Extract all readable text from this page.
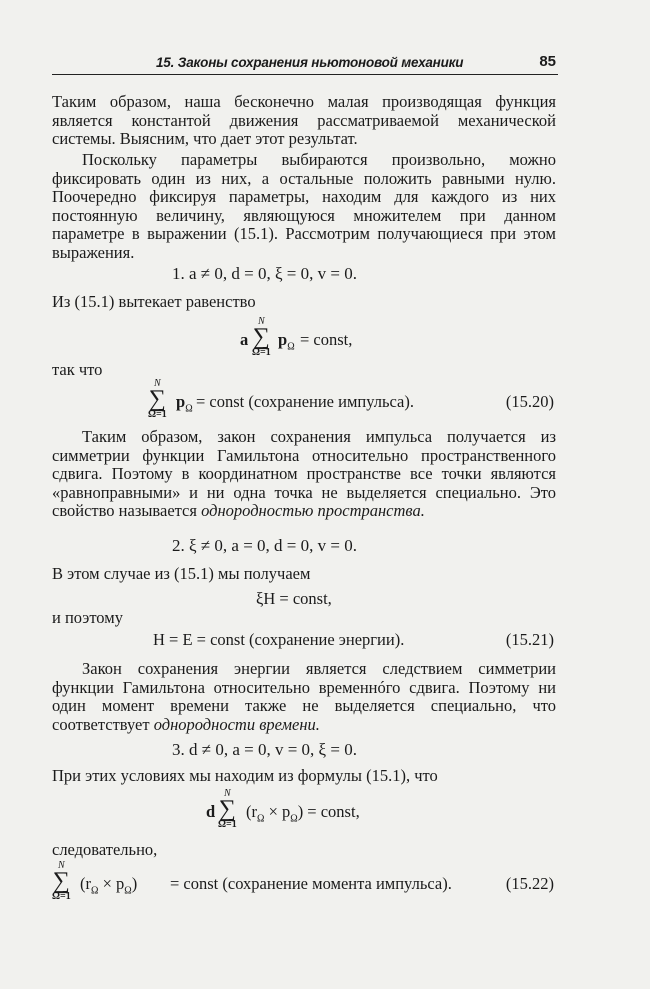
15. Законы сохранения ньютоновой механики	85
Таким образом, наша бесконечно малая производящая функция является константой движения рассматриваемой механической системы. Выясним, что дает этот результат.
Поскольку параметры выбираются произвольно, можно фиксировать один из них, а остальные положить равными нулю. Поочередно фиксируя параметры, находим для каждого из них постоянную величину, являющуюся множителем при данном параметре в выражении (15.1). Рассмотрим получающиеся при этом выражения.
1. a ≠ 0, d = 0, ξ = 0, v = 0.
Из (15.1) вытекает равенство
a
N
∑
Ω=1
$p_\Omega$ = const,
так что
N
∑
Ω=1
$p_\Omega$ = const (сохранение импульса).	(15.20)
Таким образом, закон сохранения импульса получается из симметрии функции Гамильтона относительно пространственного сдвига. Поэтому в координатном пространстве все точки являются «равноправными» и ни одна точка не выделяется специально. Это свойство называется однородностью пространства.
2. ξ ≠ 0, a = 0, d = 0, v = 0.
В этом случае из (15.1) мы получаем
ξH = const,
и поэтому
H = E = const (сохранение энергии).	(15.21)
Закон сохранения энергии является следствием симметрии функции Гамильтона относительно временнóго сдвига. Поэтому ни один момент времени также не выделяется специально, что соответствует однородности времени.
3. d ≠ 0, a = 0, v = 0, ξ = 0.
При этих условиях мы находим из формулы (15.1), что
d
N
∑
Ω=1
$(r_\Omega \times p_\Omega)$ = const,
следовательно,
N
∑
Ω=1
$(r_\Omega \times p_\Omega)$ = const (сохранение момента импульса).	(15.22)
